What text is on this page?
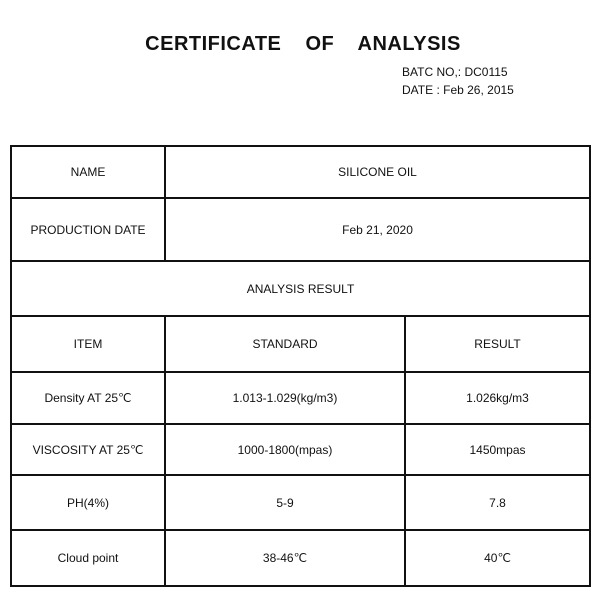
CERTIFICATE OF ANALYSIS
BATC NO,: DC0115
DATE : Feb 26, 2015
NAME	SILICONE OIL	
PRODUCTION DATE	Feb 21, 2020	
ANALYSIS RESULT		
ITEM	STANDARD	RESULT
Density AT 25℃	1.013-1.029(kg/m3)	1.026kg/m3
VISCOSITY AT 25℃	1000-1800(mpas)	1450mpas
PH(4%)	5-9	7.8
Cloud point	38-46℃	40℃
